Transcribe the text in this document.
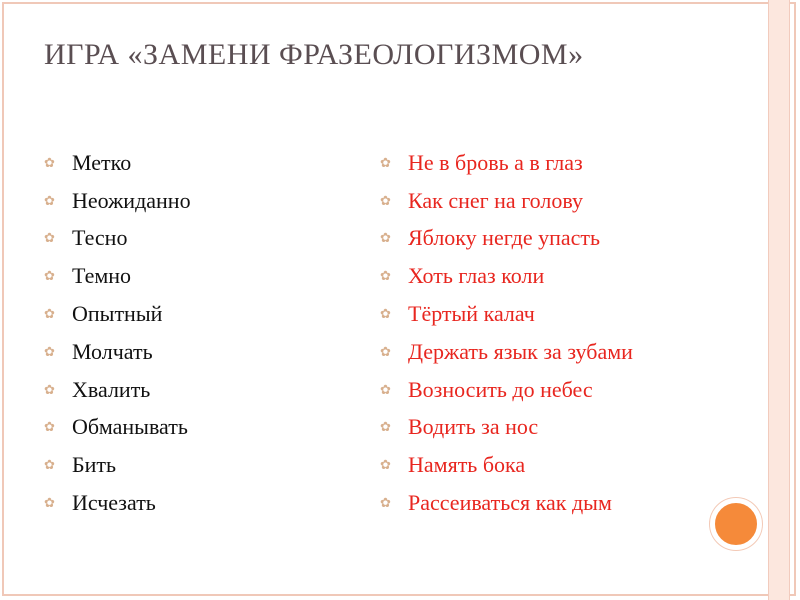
ИГРА «ЗАМЕНИ ФРАЗЕОЛОГИЗМОМ»
✿ Метко
✿ Неожиданно
✿ Тесно
✿ Темно
✿ Опытный
✿ Молчать
✿ Хвалить
✿ Обманывать
✿ Бить
✿ Исчезать
✿ Не в бровь а в глаз
✿ Как снег на голову
✿ Яблоку негде упасть
✿ Хоть глаз коли
✿ Тёртый калач
✿ Держать язык за зубами
✿ Возносить до небес
✿ Водить за нос
✿ Намять бока
✿ Рассеиваться как дым
